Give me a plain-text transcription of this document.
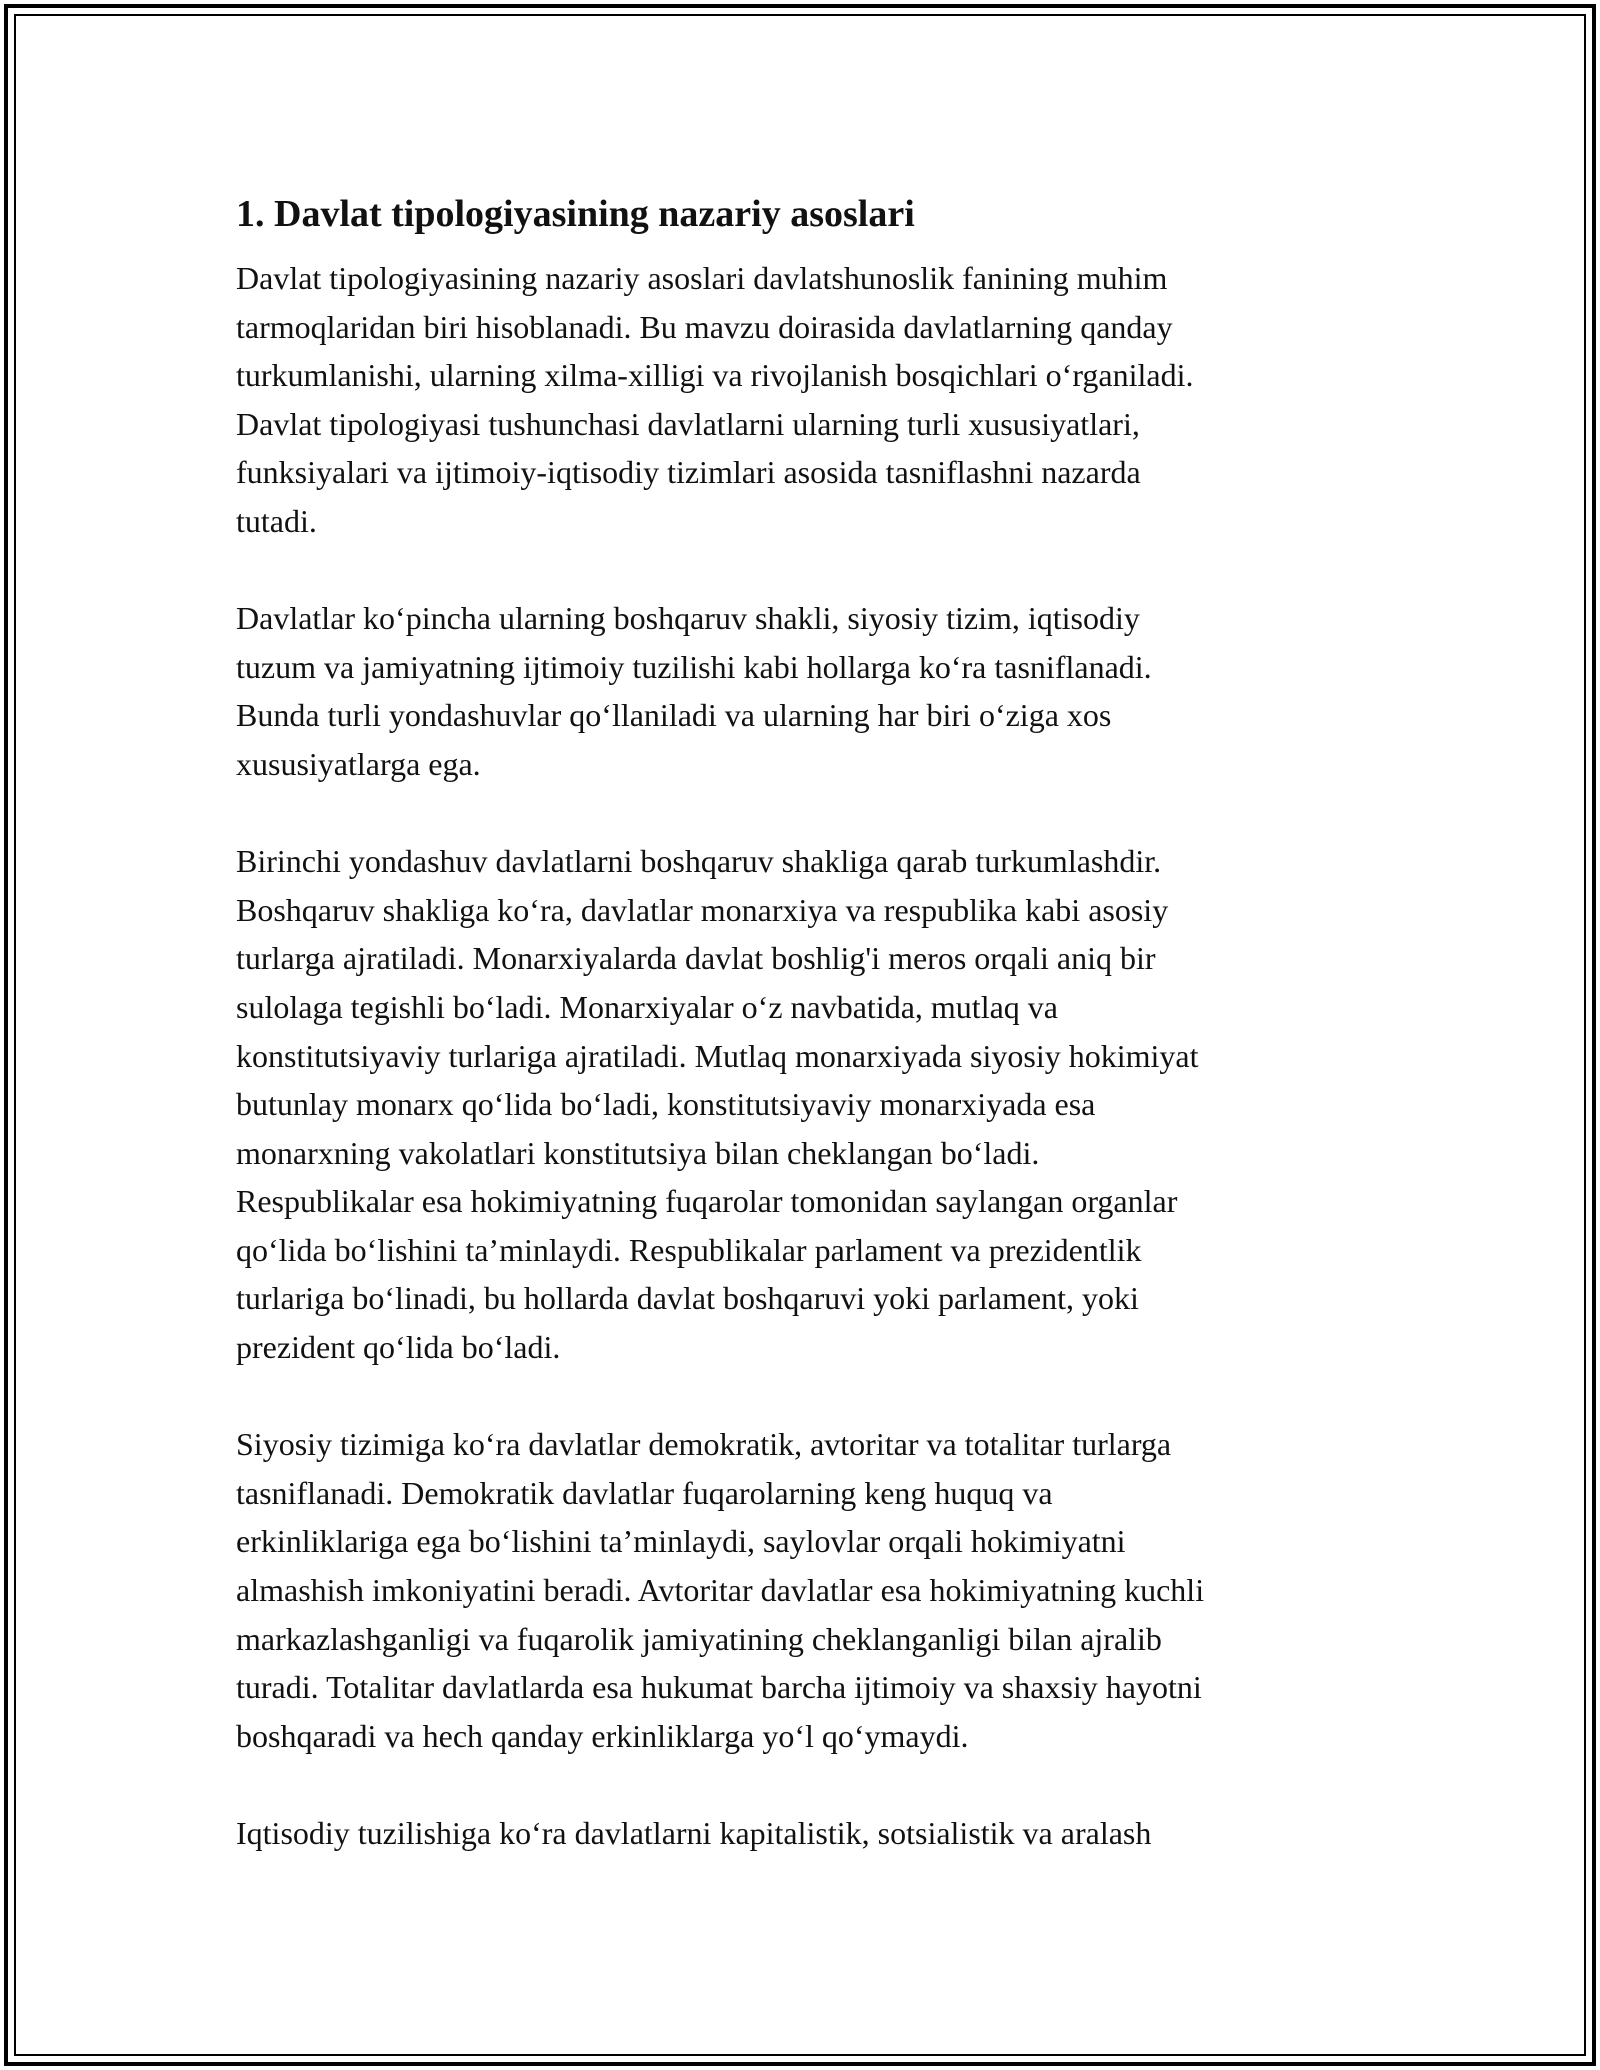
1. Davlat tipologiyasining nazariy asoslari
Davlat tipologiyasining nazariy asoslari davlatshunoslik fanining muhim
tarmoqlaridan biri hisoblanadi. Bu mavzu doirasida davlatlarning qanday
turkumlanishi, ularning xilma-xilligi va rivojlanish bosqichlari o‘rganiladi.
Davlat tipologiyasi tushunchasi davlatlarni ularning turli xususiyatlari,
funksiyalari va ijtimoiy-iqtisodiy tizimlari asosida tasniflashni nazarda
tutadi.
Davlatlar ko‘pincha ularning boshqaruv shakli, siyosiy tizim, iqtisodiy
tuzum va jamiyatning ijtimoiy tuzilishi kabi hollarga ko‘ra tasniflanadi.
Bunda turli yondashuvlar qo‘llaniladi va ularning har biri o‘ziga xos
xususiyatlarga ega.
Birinchi yondashuv davlatlarni boshqaruv shakliga qarab turkumlashdir.
Boshqaruv shakliga ko‘ra, davlatlar monarxiya va respublika kabi asosiy
turlarga ajratiladi. Monarxiyalarda davlat boshlig'i meros orqali aniq bir
sulolaga tegishli bo‘ladi. Monarxiyalar o‘z navbatida, mutlaq va
konstitutsiyaviy turlariga ajratiladi. Mutlaq monarxiyada siyosiy hokimiyat
butunlay monarx qo‘lida bo‘ladi, konstitutsiyaviy monarxiyada esa
monarxning vakolatlari konstitutsiya bilan cheklangan bo‘ladi.
Respublikalar esa hokimiyatning fuqarolar tomonidan saylangan organlar
qo‘lida bo‘lishini ta’minlaydi. Respublikalar parlament va prezidentlik
turlariga bo‘linadi, bu hollarda davlat boshqaruvi yoki parlament, yoki
prezident qo‘lida bo‘ladi.
Siyosiy tizimiga ko‘ra davlatlar demokratik, avtoritar va totalitar turlarga
tasniflanadi. Demokratik davlatlar fuqarolarning keng huquq va
erkinliklariga ega bo‘lishini ta’minlaydi, saylovlar orqali hokimiyatni
almashish imkoniyatini beradi. Avtoritar davlatlar esa hokimiyatning kuchli
markazlashganligi va fuqarolik jamiyatining cheklanganligi bilan ajralib
turadi. Totalitar davlatlarda esa hukumat barcha ijtimoiy va shaxsiy hayotni
boshqaradi va hech qanday erkinliklarga yo‘l qo‘ymaydi.
Iqtisodiy tuzilishiga ko‘ra davlatlarni kapitalistik, sotsialistik va aralash
